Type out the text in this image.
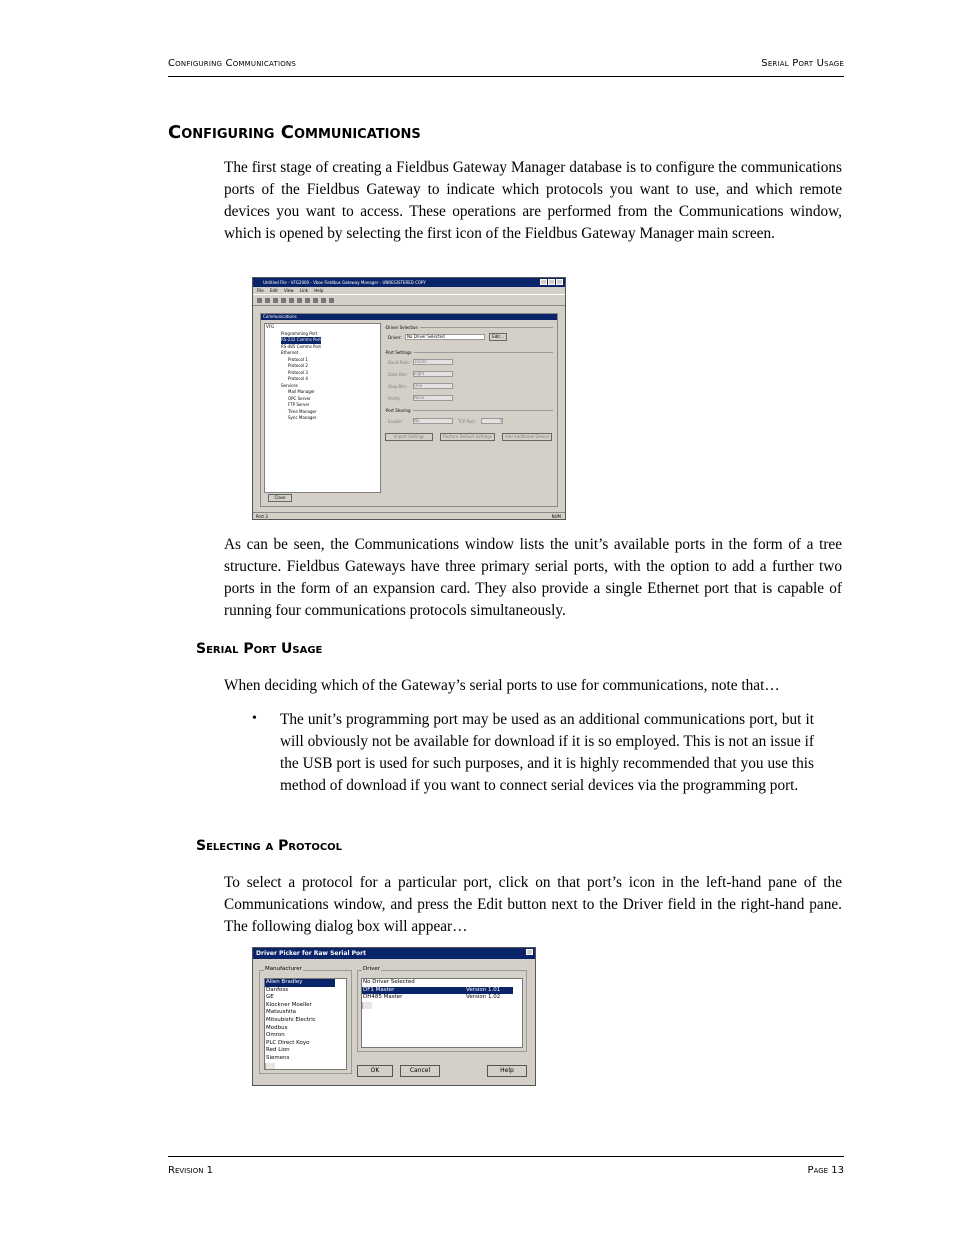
Configuring Communications	Serial Port Usage
Configuring Communications

The first stage of creating a Fieldbus Gateway Manager database is to configure the communications ports of the Fieldbus Gateway to indicate which protocols you want to use, and which remote devices you want to access. These operations are performed from the Communications window, which is opened by selecting the first icon of the Fieldbus Gateway Manager main screen.

Untitled File - VFG2000 - Vbox Fieldbus Gateway Manager - UNREGISTERED COPY
File Edit View Link Help
Communications
VFG
Programming Port
RS-232 Comms Port
RS-485 Comms Port
Ethernet
Protocol 1
Protocol 2
Protocol 3
Protocol 4
Services
Mail Manager
OPC Server
FTP Server
Time Manager
Sync Manager
Close
Driver Selection
Driver:	No Driver Selected	Edit...
Port Settings
Baud Rate: 19200
Data Bits: Eight
Stop Bits: One
Parity:	None
Port Sharing
Enable:	No	TCP Port:	0
Import Settings	Restore Default Settings	Add Additional Device
Port 3	NUM

As can be seen, the Communications window lists the unit’s available ports in the form of a tree structure. Fieldbus Gateways have three primary serial ports, with the option to add a further two ports in the form of an expansion card. They also provide a single Ethernet port that is capable of running four communications protocols simultaneously.

Serial Port Usage

When deciding which of the Gateway’s serial ports to use for communications, note that…

• The unit’s programming port may be used as an additional communications port, but it will obviously not be available for download if it is so employed. This is not an issue if the USB port is used for such purposes, and it is highly recommended that you use this method of download if you want to connect serial devices via the programming port.

Selecting a Protocol

To select a protocol for a particular port, click on that port’s icon in the left-hand pane of the Communications window, and press the Edit button next to the Driver field in the right-hand pane. The following dialog box will appear…

Driver Picker for Raw Serial Port
Manufacturer
Allen Bradley
Danfoss
GE
Klockner Moeller
Matsushita
Mitsubishi Electric
Modbus
Omron
PLC Direct Koyo
Red Lion
Siemens
Driver
No Driver Selected
DF1 Master	Version 1.01
DH485 Master	Version 1.02
OK	Cancel	Help
Revision 1	Page 13
